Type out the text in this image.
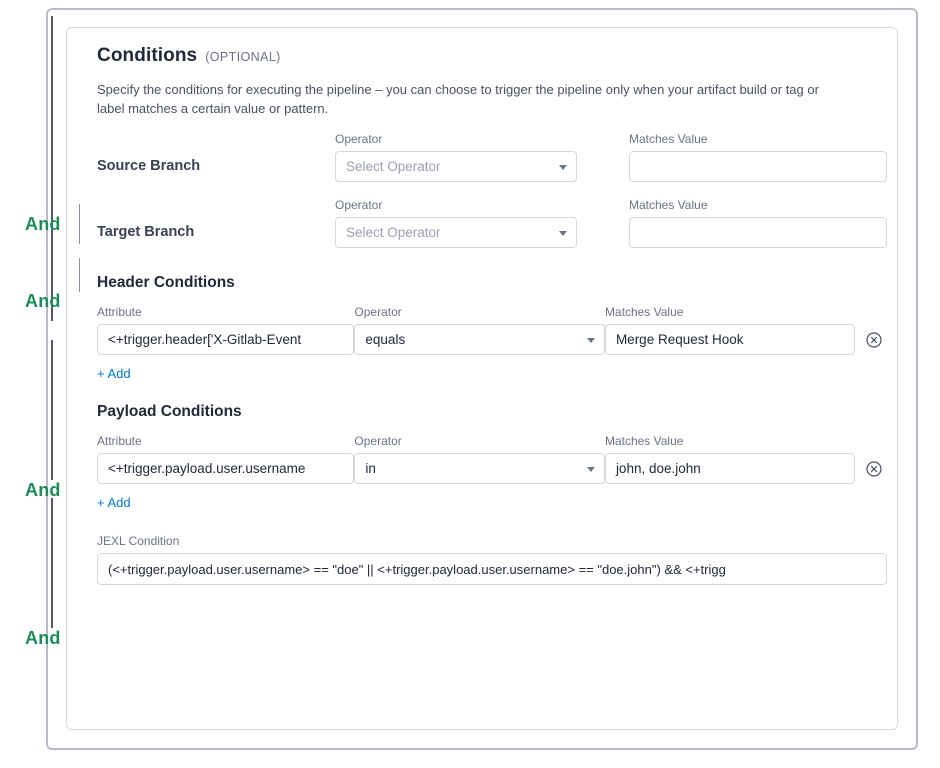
And
And
And
And
Conditions (OPTIONAL)
Specify the conditions for executing the pipeline – you can choose to trigger the pipeline only when your artifact build or tag or label matches a certain value or pattern.
Source Branch
Operator
Select Operator
Matches Value
Target Branch
Operator
Select Operator
Matches Value
Header Conditions
Attribute
<+trigger.header['X-Gitlab-Event
Operator
equals
Matches Value
Merge Request Hook
+ Add
Payload Conditions
Attribute
<+trigger.payload.user.username
Operator
in
Matches Value
john, doe.john
+ Add
JEXL Condition
(<+trigger.payload.user.username> == "doe" || <+trigger.payload.user.username> == "doe.john") && <+trigg
